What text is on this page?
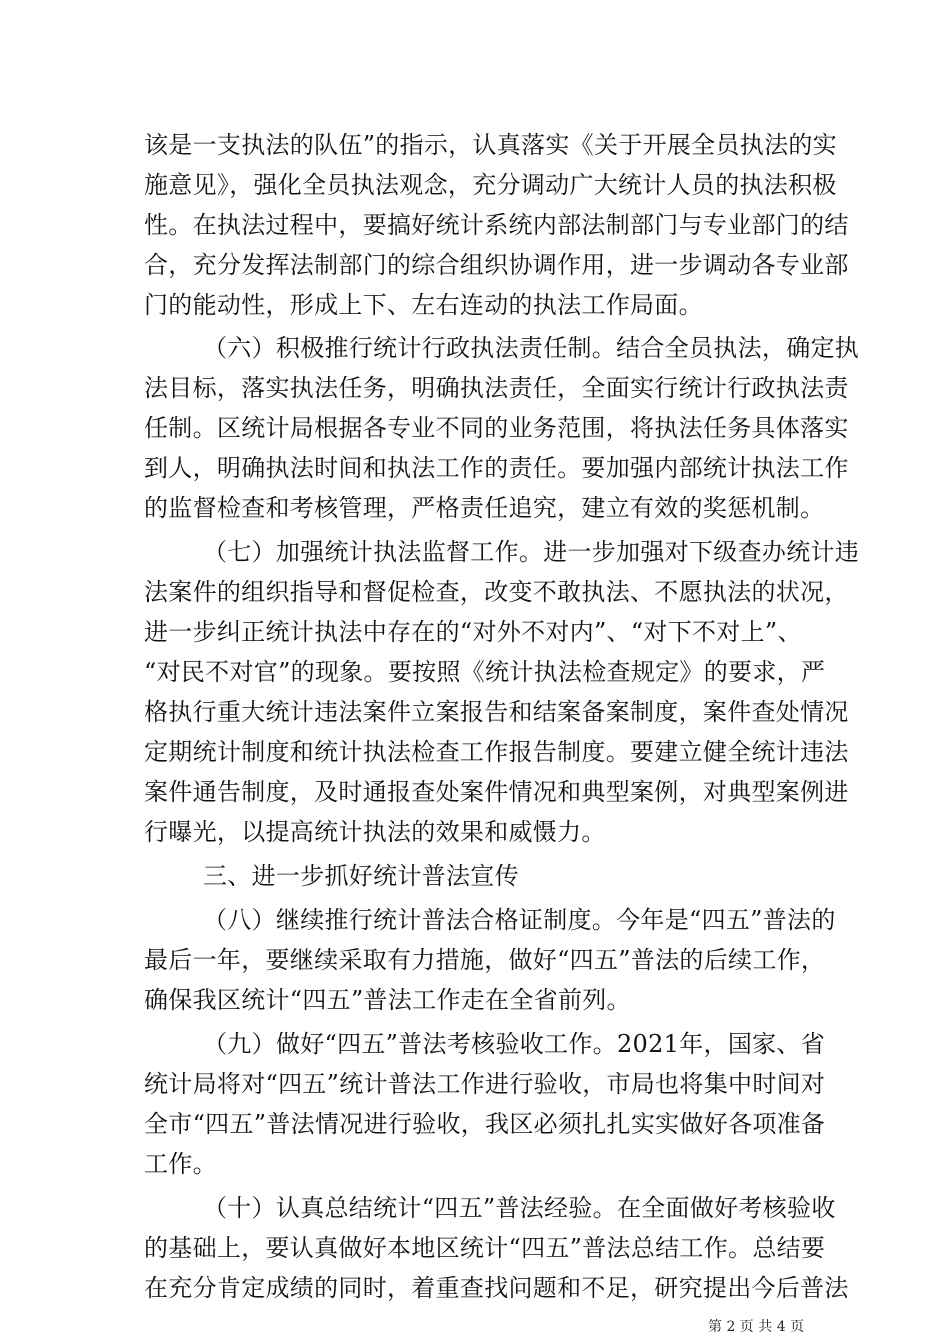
该是一支执法的队伍”的指示，认真落实《关于开展全员执法的实
施意见》，强化全员执法观念，充分调动广大统计人员的执法积极
性。在执法过程中，要搞好统计系统内部法制部门与专业部门的结
合，充分发挥法制部门的综合组织协调作用，进一步调动各专业部
门的能动性，形成上下、左右连动的执法工作局面。
（六）积极推行统计行政执法责任制。结合全员执法，确定执
法目标，落实执法任务，明确执法责任，全面实行统计行政执法责
任制。区统计局根据各专业不同的业务范围，将执法任务具体落实
到人，明确执法时间和执法工作的责任。要加强内部统计执法工作
的监督检查和考核管理，严格责任追究，建立有效的奖惩机制。
（七）加强统计执法监督工作。进一步加强对下级查办统计违
法案件的组织指导和督促检查，改变不敢执法、不愿执法的状况，
进一步纠正统计执法中存在的“对外不对内”、“对下不对上”、
“对民不对官”的现象。要按照《统计执法检查规定》的要求，严
格执行重大统计违法案件立案报告和结案备案制度，案件查处情况
定期统计制度和统计执法检查工作报告制度。要建立健全统计违法
案件通告制度，及时通报查处案件情况和典型案例，对典型案例进
行曝光，以提高统计执法的效果和威慑力。
三、进一步抓好统计普法宣传
（八）继续推行统计普法合格证制度。今年是“四五”普法的
最后一年，要继续采取有力措施，做好“四五”普法的后续工作，
确保我区统计“四五”普法工作走在全省前列。
（九）做好“四五”普法考核验收工作。2021年，国家、省
统计局将对“四五”统计普法工作进行验收，市局也将集中时间对
全市“四五”普法情况进行验收，我区必须扎扎实实做好各项准备
工作。
（十）认真总结统计“四五”普法经验。在全面做好考核验收
的基础上，要认真做好本地区统计“四五”普法总结工作。总结要
在充分肯定成绩的同时，着重查找问题和不足，研究提出今后普法
第 2 页 共 4 页
